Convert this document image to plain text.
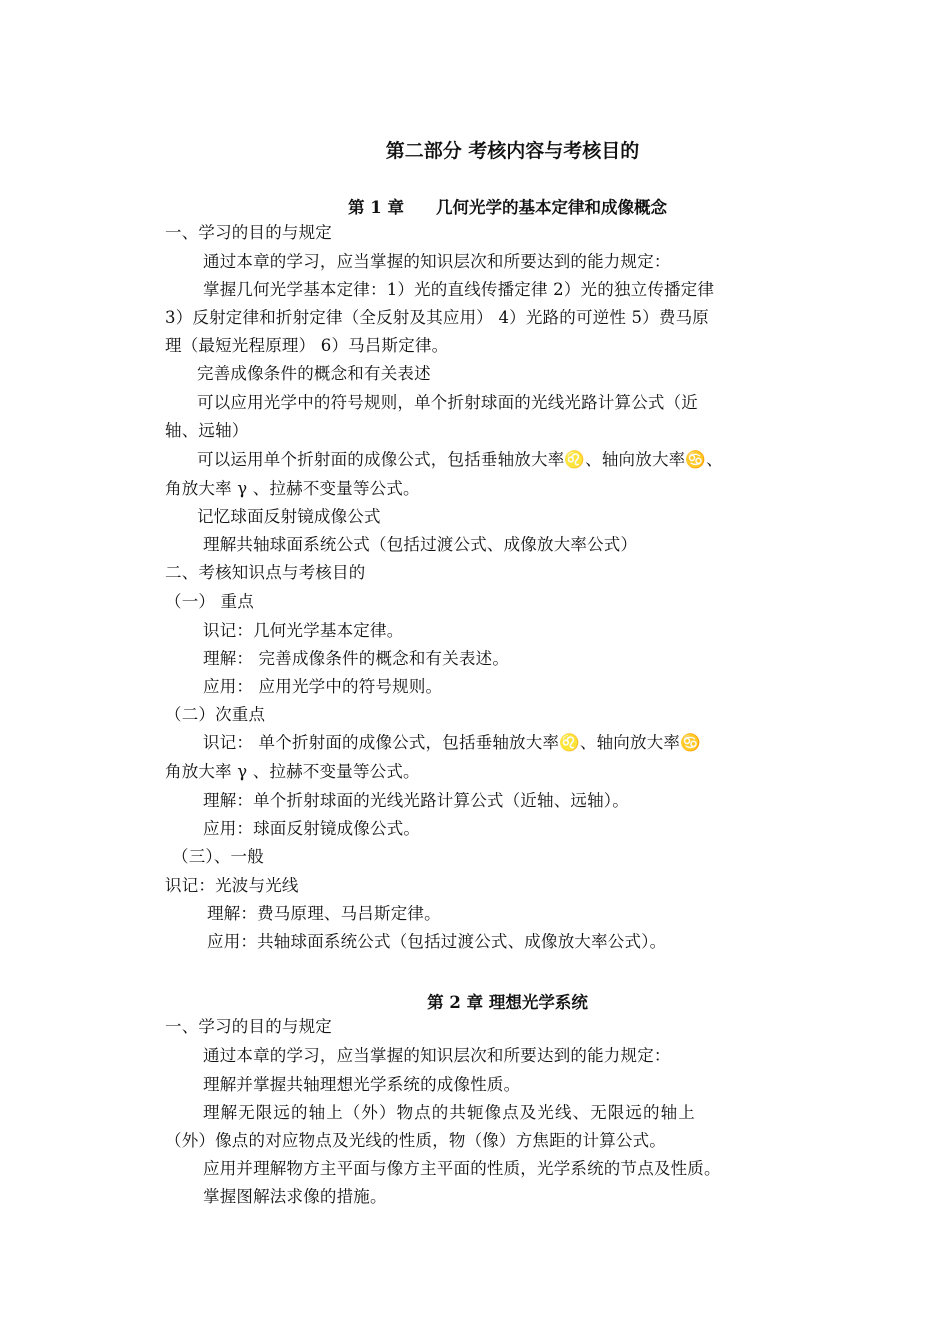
第二部分 考核内容与考核目的
第 1 章 几何光学的基本定律和成像概念
一、学习的目的与规定
通过本章的学习，应当掌握的知识层次和所要达到的能力规定：
掌握几何光学基本定律：1）光的直线传播定律 2）光的独立传播定律
3）反射定律和折射定律（全反射及其应用） 4）光路的可逆性 5）费马原
理（最短光程原理） 6）马吕斯定律。
完善成像条件的概念和有关表述
可以应用光学中的符号规则，单个折射球面的光线光路计算公式（近
轴、远轴）
可以运用单个折射面的成像公式，包括垂轴放大率♌、轴向放大率♋、
角放大率 γ 、拉赫不变量等公式。
记忆球面反射镜成像公式
理解共轴球面系统公式（包括过渡公式、成像放大率公式）
二、考核知识点与考核目的
（一） 重点
识记：几何光学基本定律。
理解： 完善成像条件的概念和有关表述。
应用： 应用光学中的符号规则。
（二）次重点
识记： 单个折射面的成像公式，包括垂轴放大率♌、轴向放大率♋
角放大率 γ 、拉赫不变量等公式。
理解：单个折射球面的光线光路计算公式（近轴、远轴）。
应用：球面反射镜成像公式。
（三）、一般
识记：光波与光线
理解：费马原理、马吕斯定律。
应用：共轴球面系统公式（包括过渡公式、成像放大率公式）。
第 2 章 理想光学系统
一、学习的目的与规定
通过本章的学习，应当掌握的知识层次和所要达到的能力规定：
理解并掌握共轴理想光学系统的成像性质。
理解无限远的轴上（外）物点的共轭像点及光线、无限远的轴上
（外）像点的对应物点及光线的性质，物（像）方焦距的计算公式。
应用并理解物方主平面与像方主平面的性质，光学系统的节点及性质。
掌握图解法求像的措施。
